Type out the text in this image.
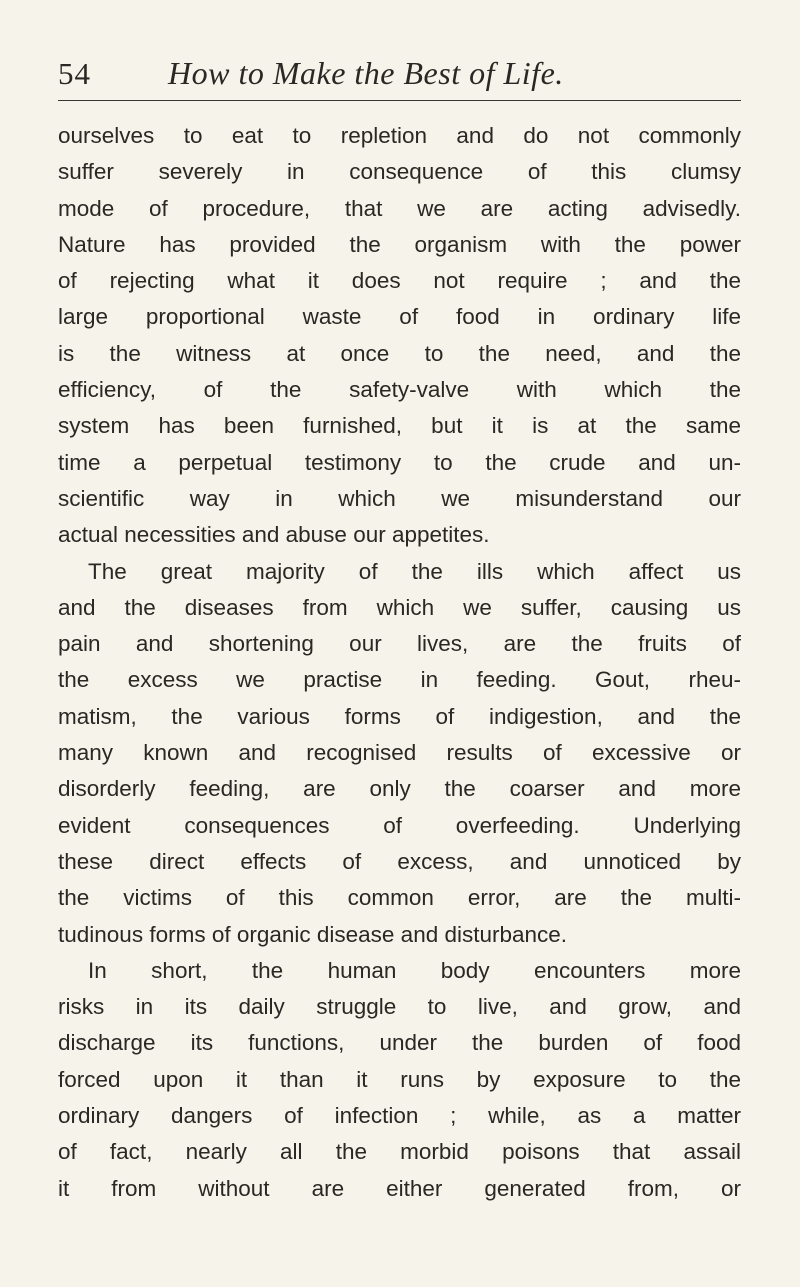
54 How to Make the Best of Life.
ourselves to eat to repletion and do not commonly
suffer severely in consequence of this clumsy
mode of procedure, that we are acting advisedly.
Nature has provided the organism with the power
of rejecting what it does not require ; and the
large proportional waste of food in ordinary life
is the witness at once to the need, and the
efficiency, of the safety-valve with which the
system has been furnished, but it is at the same
time a perpetual testimony to the crude and un-
scientific way in which we misunderstand our
actual necessities and abuse our appetites.
The great majority of the ills which affect us
and the diseases from which we suffer, causing us
pain and shortening our lives, are the fruits of
the excess we practise in feeding. Gout, rheu-
matism, the various forms of indigestion, and the
many known and recognised results of excessive or
disorderly feeding, are only the coarser and more
evident consequences of overfeeding. Underlying
these direct effects of excess, and unnoticed by
the victims of this common error, are the multi-
tudinous forms of organic disease and disturbance.
In short, the human body encounters more
risks in its daily struggle to live, and grow, and
discharge its functions, under the burden of food
forced upon it than it runs by exposure to the
ordinary dangers of infection ; while, as a matter
of fact, nearly all the morbid poisons that assail
it from without are either generated from, or
